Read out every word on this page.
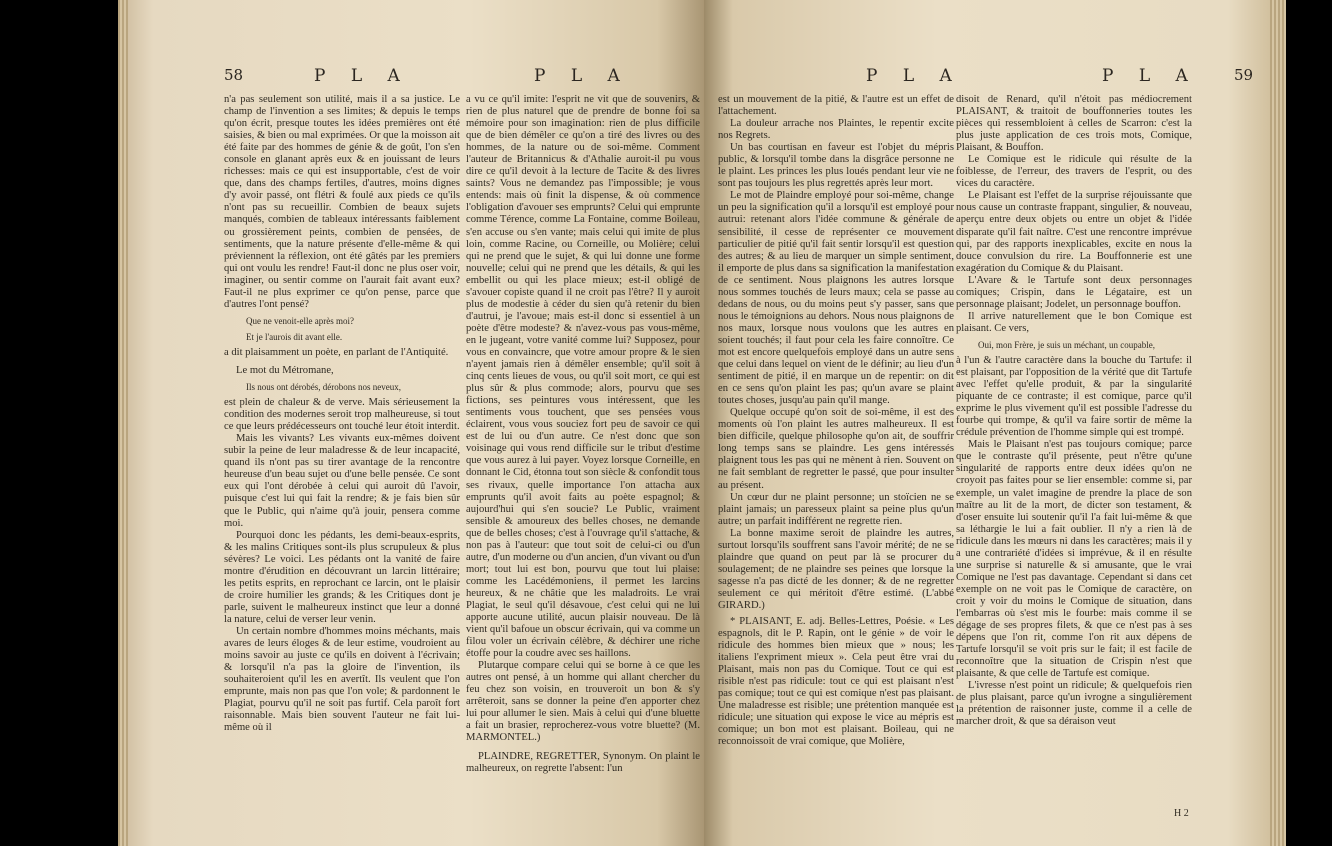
58	P L A	P L A

n'a pas seulement son utilité, mais il a sa justice. Le champ de l'invention a ses limites; & depuis le temps qu'on écrit, presque toutes les idées premières ont été saisies, & bien ou mal exprimées. Or que la moisson ait été faite par des hommes de génie & de goût, l'on s'en console en glanant après eux & en jouissant de leurs richesses: mais ce qui est insupportable, c'est de voir que, dans des champs fertiles, d'autres, moins dignes d'y avoir passé, ont flétri & foulé aux pieds ce qu'ils n'ont pas su recueillir. Combien de beaux sujets manqués, combien de tableaux intéressants faiblement ou grossièrement peints, combien de pensées, de sentiments, que la nature présente d'elle-même & qui préviennent la réflexion, ont été gâtés par les premiers qui ont voulu les rendre! Faut-il donc ne plus oser voir, imaginer, ou sentir comme on l'aurait fait avant eux? Faut-il ne plus exprimer ce qu'on pense, parce que d'autres l'ont pensé?

Que ne venoit-elle après moi?

Et je l'aurois dit avant elle.

a dit plaisamment un poète, en parlant de l'Antiquité.

Le mot du Métromane,

Ils nous ont dérobés, dérobons nos neveux,

est plein de chaleur & de verve. Mais sérieusement la condition des modernes seroit trop malheureuse, si tout ce que leurs prédécesseurs ont touché leur étoit interdit.

Mais les vivants? Les vivants eux-mêmes doivent subir la peine de leur maladresse & de leur incapacité, quand ils n'ont pas su tirer avantage de la rencontre heureuse d'un beau sujet ou d'une belle pensée. Ce sont eux qui l'ont dérobée à celui qui auroit dû l'avoir, puisque c'est lui qui fait la rendre; & je fais bien sûr que le Public, qui n'aime qu'à jouir, pensera comme moi.

Pourquoi donc les pédants, les demi-beaux-esprits, & les malins Critiques sont-ils plus scrupuleux & plus sévères? Le voici. Les pédants ont la vanité de faire montre d'érudition en découvrant un larcin littéraire; les petits esprits, en reprochant ce larcin, ont le plaisir de croire humilier les grands; & les Critiques dont je parle, suivent le malheureux instinct que leur a donné la nature, celui de verser leur venin.

Un certain nombre d'hommes moins méchants, mais avares de leurs éloges & de leur estime, voudroient au moins savoir au juste ce qu'ils en doivent à l'écrivain; & lorsqu'il n'a pas la gloire de l'invention, ils souhaiteroient qu'il les en avertît. Ils veulent que l'on emprunte, mais non pas que l'on vole; & pardonnent le Plagiat, pourvu qu'il ne soit pas furtif. Cela paroît fort raisonnable. Mais bien souvent l'auteur ne fait lui-même où il

a vu ce qu'il imite: l'esprit ne vit que de souvenirs, & rien de plus naturel que de prendre de bonne foi sa mémoire pour son imagination: rien de plus difficile que de bien démêler ce qu'on a tiré des livres ou des hommes, de la nature ou de soi-même. Comment l'auteur de Britannicus & d'Athalie auroit-il pu vous dire ce qu'il devoit à la lecture de Tacite & des livres saints? Vous ne demandez pas l'impossible; je vous entends: mais où finit la dispense, & où commence l'obligation d'avouer ses emprunts? Celui qui emprunte comme Térence, comme La Fontaine, comme Boileau, s'en accuse ou s'en vante; mais celui qui imite de plus loin, comme Racine, ou Corneille, ou Molière; celui qui ne prend que le sujet, & qui lui donne une forme nouvelle; celui qui ne prend que les détails, & qui les embellit ou qui les place mieux; est-il obligé de s'avouer copiste quand il ne croit pas l'être? Il y auroit plus de modestie à céder du sien qu'à retenir du bien d'autrui, je l'avoue; mais est-il donc si essentiel à un poète d'être modeste? & n'avez-vous pas vous-même, en le jugeant, votre vanité comme lui? Supposez, pour vous en convaincre, que votre amour propre & le sien n'ayent jamais rien à démêler ensemble; qu'il soit à cinq cents lieues de vous, ou qu'il soit mort, ce qui est plus sûr & plus commode; alors, pourvu que ses fictions, ses peintures vous intéressent, que les sentiments vous touchent, que ses pensées vous éclairent, vous vous souciez fort peu de savoir ce qui est de lui ou d'un autre. Ce n'est donc que son voisinage qui vous rend difficile sur le tribut d'estime que vous aurez à lui payer. Voyez lorsque Corneille, en donnant le Cid, étonna tout son siècle & confondit tous ses rivaux, quelle importance l'on attacha aux emprunts qu'il avoit faits au poète espagnol; & aujourd'hui qui s'en soucie? Le Public, vraiment sensible & amoureux des belles choses, ne demande que de belles choses; c'est à l'ouvrage qu'il s'attache, & non pas à l'auteur: que tout soit de celui-ci ou d'un autre, d'un moderne ou d'un ancien, d'un vivant ou d'un mort; tout lui est bon, pourvu que tout lui plaise: comme les Lacédémoniens, il permet les larcins heureux, & ne châtie que les maladroits. Le vrai Plagiat, le seul qu'il désavoue, c'est celui qui ne lui apporte aucune utilité, aucun plaisir nouveau. De là vient qu'il bafoue un obscur écrivain, qui va comme un filou voler un écrivain célèbre, & déchirer une riche étoffe pour la coudre avec ses haillons.

Plutarque compare celui qui se borne à ce que les autres ont pensé, à un homme qui allant chercher du feu chez son voisin, en trouveroit un bon & s'y arrêteroit, sans se donner la peine d'en apporter chez lui pour allumer le sien. Mais à celui qui d'une bluette a fait un brasier, reprocherez-vous votre bluette? (M. MARMONTEL.)

PLAINDRE, REGRETTER, Synonym. On plaint le malheureux, on regrette l'absent: l'un

P L A	P L A 59

est un mouvement de la pitié, & l'autre est un effet de l'attachement.

La douleur arrache nos Plaintes, le repentir excite nos Regrets.

Un bas courtisan en faveur est l'objet du mépris public, & lorsqu'il tombe dans la disgrâce personne ne le plaint. Les princes les plus loués pendant leur vie ne sont pas toujours les plus regrettés après leur mort.

Le mot de Plaindre employé pour soi-même, change un peu la signification qu'il a lorsqu'il est employé pour autrui: retenant alors l'idée commune & générale de sensibilité, il cesse de représenter ce mouvement particulier de pitié qu'il fait sentir lorsqu'il est question des autres; & au lieu de marquer un simple sentiment, il emporte de plus dans sa signification la manifestation de ce sentiment. Nous plaignons les autres lorsque nous sommes touchés de leurs maux; cela se passe au dedans de nous, ou du moins peut s'y passer, sans que nous le témoignions au dehors. Nous nous plaignons de nos maux, lorsque nous voulons que les autres en soient touchés; il faut pour cela les faire connoître. Ce mot est encore quelquefois employé dans un autre sens que celui dans lequel on vient de le définir; au lieu d'un sentiment de pitié, il en marque un de repentir: on dit en ce sens qu'on plaint les pas; qu'un avare se plaint toutes choses, jusqu'au pain qu'il mange.

Quelque occupé qu'on soit de soi-même, il est des moments où l'on plaint les autres malheureux. Il est bien difficile, quelque philosophe qu'on ait, de souffrir long temps sans se plaindre. Les gens intéressés plaignent tous les pas qui ne mènent à rien. Souvent on ne fait semblant de regretter le passé, que pour insulter au présent.

Un cœur dur ne plaint personne; un stoïcien ne se plaint jamais; un paresseux plaint sa peine plus qu'un autre; un parfait indifférent ne regrette rien.

La bonne maxime seroit de plaindre les autres, surtout lorsqu'ils souffrent sans l'avoir mérité; de ne se plaindre que quand on peut par là se procurer du soulagement; de ne plaindre ses peines que lorsque la sagesse n'a pas dicté de les donner; & de ne regretter seulement ce qui méritoit d'être estimé. (L'abbé GIRARD.)

* PLAISANT, E. adj. Belles-Lettres, Poésie. « Les espagnols, dit le P. Rapin, ont le génie » de voir le ridicule des hommes bien mieux que » nous; les italiens l'expriment mieux ». Cela peut être vrai du Plaisant, mais non pas du Comique. Tout ce qui est risible n'est pas ridicule: tout ce qui est plaisant n'est pas comique; tout ce qui est comique n'est pas plaisant. Une maladresse est risible; une prétention manquée est ridicule; une situation qui expose le vice au mépris est comique; un bon mot est plaisant. Boileau, qui ne reconnoissoit de vrai comique, que Molière,

disoit de Renard, qu'il n'étoit pas médiocrement PLAISANT, & traitoit de bouffonneries toutes les pièces qui ressembloient à celles de Scarron: c'est la plus juste application de ces trois mots, Comique, Plaisant, & Bouffon.

Le Comique est le ridicule qui résulte de la foiblesse, de l'erreur, des travers de l'esprit, ou des vices du caractère.

Le Plaisant est l'effet de la surprise réjouissante que nous cause un contraste frappant, singulier, & nouveau, aperçu entre deux objets ou entre un objet & l'idée disparate qu'il fait naître. C'est une rencontre imprévue qui, par des rapports inexplicables, excite en nous la douce convulsion du rire. La Bouffonnerie est une exagération du Comique & du Plaisant.

L'Avare & le Tartufe sont deux personnages comiques; Crispin, dans le Légataire, est un personnage plaisant; Jodelet, un personnage bouffon.

Il arrive naturellement que le bon Comique est plaisant. Ce vers,

Oui, mon Frère, je suis un méchant, un coupable,

à l'un & l'autre caractère dans la bouche du Tartufe: il est plaisant, par l'opposition de la vérité que dit Tartufe avec l'effet qu'elle produit, & par la singularité piquante de ce contraste; il est comique, parce qu'il exprime le plus vivement qu'il est possible l'adresse du fourbe qui trompe, & qu'il va faire sortir de même la crédule prévention de l'homme simple qui est trompé.

Mais le Plaisant n'est pas toujours comique; parce que le contraste qu'il présente, peut n'être qu'une singularité de rapports entre deux idées qu'on ne croyoit pas faites pour se lier ensemble: comme si, par exemple, un valet imagine de prendre la place de son maître au lit de la mort, de dicter son testament, & d'oser ensuite lui soutenir qu'il l'a fait lui-même & que sa léthargie le lui a fait oublier. Il n'y a rien là de ridicule dans les mœurs ni dans les caractères; mais il y a une contrariété d'idées si imprévue, & il en résulte une surprise si naturelle & si amusante, que le vrai Comique ne l'est pas davantage. Cependant si dans cet exemple on ne voit pas le Comique de caractère, on croit y voir du moins le Comique de situation, dans l'embarras où s'est mis le fourbe: mais comme il se dégage de ses propres filets, & que ce n'est pas à ses dépens que l'on rit, comme l'on rit aux dépens de Tartufe lorsqu'il se voit pris sur le fait; il est facile de reconnoître que la situation de Crispin n'est que plaisante, & que celle de Tartufe est comique.

L'ivresse n'est point un ridicule; & quelquefois rien de plus plaisant, parce qu'un ivrogne a singulièrement la prétention de raisonner juste, comme il a celle de marcher droit, & que sa déraison veut

H 2
